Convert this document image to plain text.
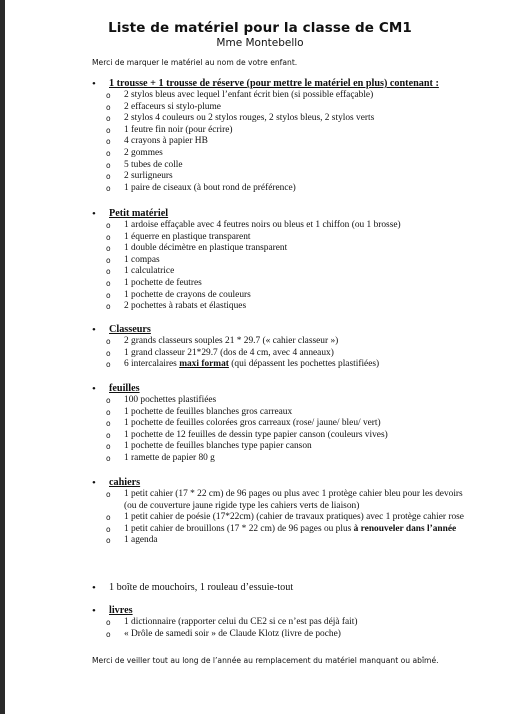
Liste de matériel pour la classe de CM1
Mme Montebello
Merci de marquer le matériel au nom de votre enfant.
• 1 trousse + 1 trousse de réserve (pour mettre le matériel en plus) contenant :
o 2 stylos bleus avec lequel l’enfant écrit bien (si possible effaçable)
o 2 effaceurs si stylo-plume
o 2 stylos 4 couleurs ou 2 stylos rouges, 2 stylos bleus, 2 stylos verts
o 1 feutre fin noir (pour écrire)
o 4 crayons à papier HB
o 2 gommes
o 5 tubes de colle
o 2 surligneurs
o 1 paire de ciseaux (à bout rond de préférence)
• Petit matériel
o 1 ardoise effaçable avec 4 feutres noirs ou bleus et 1 chiffon (ou 1 brosse)
o 1 équerre en plastique transparent
o 1 double décimètre en plastique transparent
o 1 compas
o 1 calculatrice
o 1 pochette de feutres
o 1 pochette de crayons de couleurs
o 2 pochettes à rabats et élastiques
• Classeurs
o 2 grands classeurs souples 21 * 29.7 (« cahier classeur »)
o 1 grand classeur 21*29.7 (dos de 4 cm, avec 4 anneaux)
o 6 intercalaires maxi format (qui dépassent les pochettes plastifiées)
• feuilles
o 100 pochettes plastifiées
o 1 pochette de feuilles blanches gros carreaux
o 1 pochette de feuilles colorées gros carreaux (rose/ jaune/ bleu/ vert)
o 1 pochette de 12 feuilles de dessin type papier canson (couleurs vives)
o 1 pochette de feuilles blanches type papier canson
o 1 ramette de papier 80 g
• cahiers
o 1 petit cahier (17 * 22 cm) de 96 pages ou plus avec 1 protège cahier bleu pour les devoirs (ou de couverture jaune rigide type les cahiers verts de liaison)
o 1 petit cahier de poésie (17*22cm) (cahier de travaux pratiques) avec 1 protège cahier rose
o 1 petit cahier de brouillons (17 * 22 cm) de 96 pages ou plus à renouveler dans l’année
o 1 agenda
• 1 boîte de mouchoirs, 1 rouleau d’essuie-tout
• livres
o 1 dictionnaire (rapporter celui du CE2 si ce n’est pas déjà fait)
o « Drôle de samedi soir » de Claude Klotz (livre de poche)
Merci de veiller tout au long de l’année au remplacement du matériel manquant ou abîmé.
